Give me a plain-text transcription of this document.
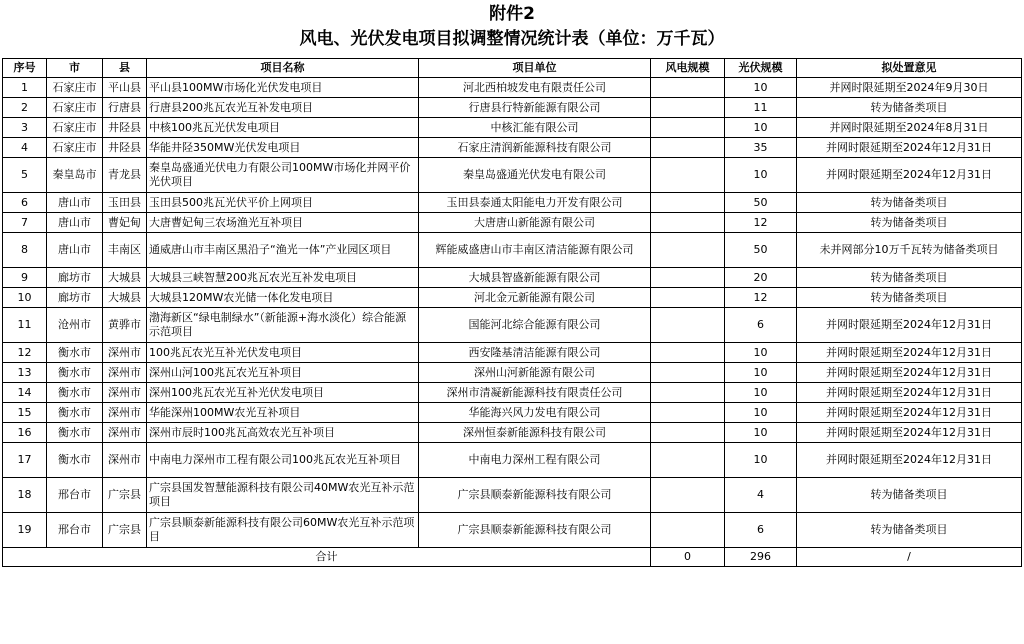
附件2
风电、光伏发电项目拟调整情况统计表（单位：万千瓦）
序号	市	县	项目名称	项目单位	风电规模	光伏规模	拟处置意见
1	石家庄市	平山县	平山县100MW市场化光伏发电项目	河北西柏坡发电有限责任公司		10	并网时限延期至2024年9月30日
2	石家庄市	行唐县	行唐县200兆瓦农光互补发电项目	行唐县行特新能源有限公司		11	转为储备类项目
3	石家庄市	井陉县	中核100兆瓦光伏发电项目	中核汇能有限公司		10	并网时限延期至2024年8月31日
4	石家庄市	井陉县	华能井陉350MW光伏发电项目	石家庄清润新能源科技有限公司		35	并网时限延期至2024年12月31日
5	秦皇岛市	青龙县	秦皇岛盛通光伏电力有限公司100MW市场化并网平价光伏项目	秦皇岛盛通光伏发电有限公司		10	并网时限延期至2024年12月31日
6	唐山市	玉田县	玉田县500兆瓦光伏平价上网项目	玉田县泰通太阳能电力开发有限公司		50	转为储备类项目
7	唐山市	曹妃甸	大唐曹妃甸三农场渔光互补项目	大唐唐山新能源有限公司		12	转为储备类项目
8	唐山市	丰南区	通威唐山市丰南区黑沿子“渔光一体”产业园区项目	辉能威盛唐山市丰南区清洁能源有限公司		50	未并网部分10万千瓦转为储备类项目
9	廊坊市	大城县	大城县三峡智慧200兆瓦农光互补发电项目	大城县智盛新能源有限公司		20	转为储备类项目
10	廊坊市	大城县	大城县120MW农光储一体化发电项目	河北金元新能源有限公司		12	转为储备类项目
11	沧州市	黄骅市	渤海新区“绿电制绿水”（新能源+海水淡化）综合能源示范项目	国能河北综合能源有限公司		6	并网时限延期至2024年12月31日
12	衡水市	深州市	100兆瓦农光互补光伏发电项目	西安隆基清洁能源有限公司		10	并网时限延期至2024年12月31日
13	衡水市	深州市	深州山河100兆瓦农光互补项目	深州山河新能源有限公司		10	并网时限延期至2024年12月31日
14	衡水市	深州市	深州100兆瓦农光互补光伏发电项目	深州市清凝新能源科技有限责任公司		10	并网时限延期至2024年12月31日
15	衡水市	深州市	华能深州100MW农光互补项目	华能海兴风力发电有限公司		10	并网时限延期至2024年12月31日
16	衡水市	深州市	深州市辰时100兆瓦高效农光互补项目	深州恒泰新能源科技有限公司		10	并网时限延期至2024年12月31日
17	衡水市	深州市	中南电力深州市工程有限公司100兆瓦农光互补项目	中南电力深州工程有限公司		10	并网时限延期至2024年12月31日
18	邢台市	广宗县	广宗县国发智慧能源科技有限公司40MW农光互补示范项目	广宗县顺泰新能源科技有限公司		4	转为储备类项目
19	邢台市	广宗县	广宗县顺泰新能源科技有限公司60MW农光互补示范项目	广宗县顺泰新能源科技有限公司		6	转为储备类项目
合计					0	296	/
